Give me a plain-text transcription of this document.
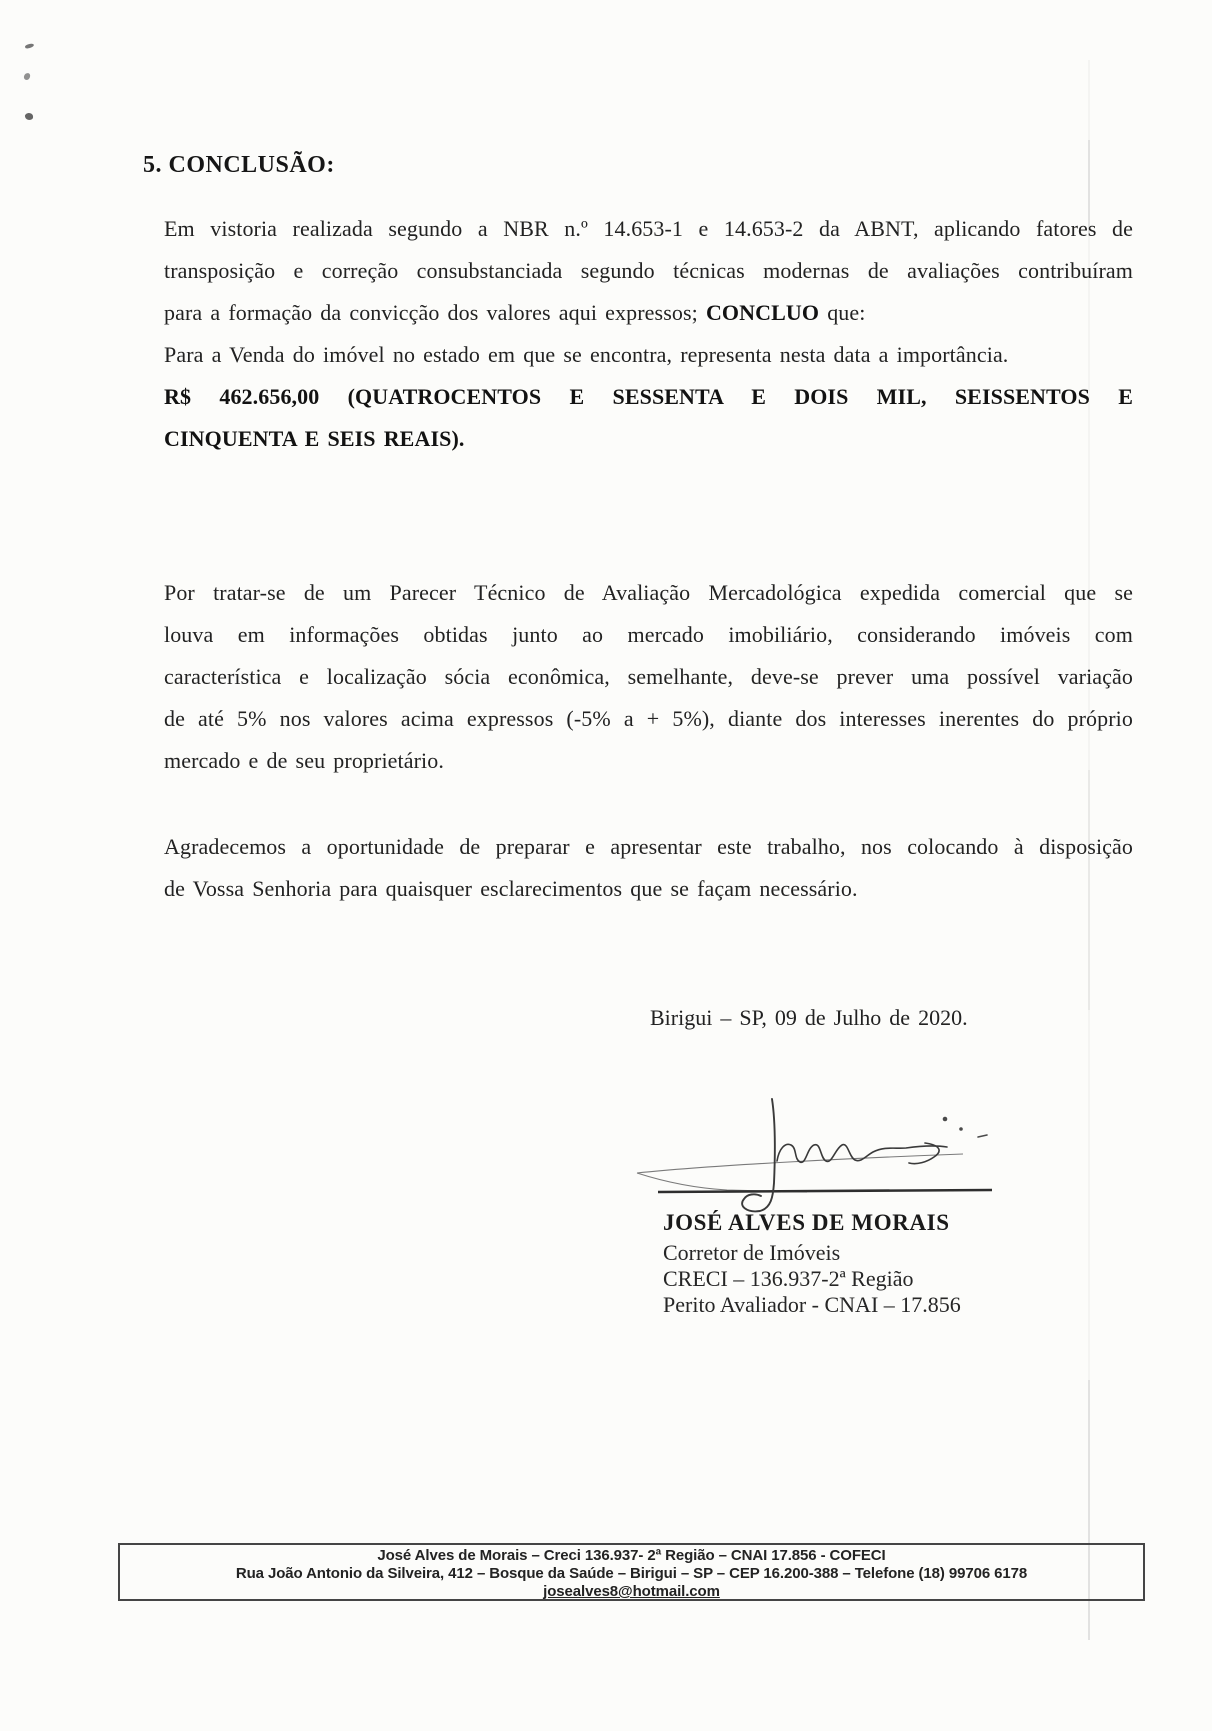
5. CONCLUSÃO:
Em vistoria realizada segundo a NBR n.º 14.653-1 e 14.653-2 da ABNT, aplicando fatores de
transposição e correção consubstanciada segundo técnicas modernas de avaliações contribuíram
para a formação da convicção dos valores aqui expressos; CONCLUO que:
Para a Venda do imóvel no estado em que se encontra, representa nesta data a importância.
R$ 462.656,00 (QUATROCENTOS E SESSENTA E DOIS MIL, SEISSENTOS E
CINQUENTA E SEIS REAIS).
Por tratar-se de um Parecer Técnico de Avaliação Mercadológica expedida comercial que se
louva em informações obtidas junto ao mercado imobiliário, considerando imóveis com
característica e localização sócia econômica, semelhante, deve-se prever uma possível variação
de até 5% nos valores acima expressos (-5% a + 5%), diante dos interesses inerentes do próprio
mercado e de seu proprietário.
Agradecemos a oportunidade de preparar e apresentar este trabalho, nos colocando à disposição
de Vossa Senhoria para quaisquer esclarecimentos que se façam necessário.
Birigui – SP, 09 de Julho de 2020.
JOSÉ ALVES DE MORAIS
Corretor de Imóveis
CRECI – 136.937-2ª Região
Perito Avaliador - CNAI – 17.856
José Alves de Morais – Creci 136.937- 2ª Região – CNAI 17.856 - COFECI
Rua João Antonio da Silveira, 412 – Bosque da Saúde – Birigui – SP – CEP 16.200-388 – Telefone (18) 99706 6178
josealves8@hotmail.com
